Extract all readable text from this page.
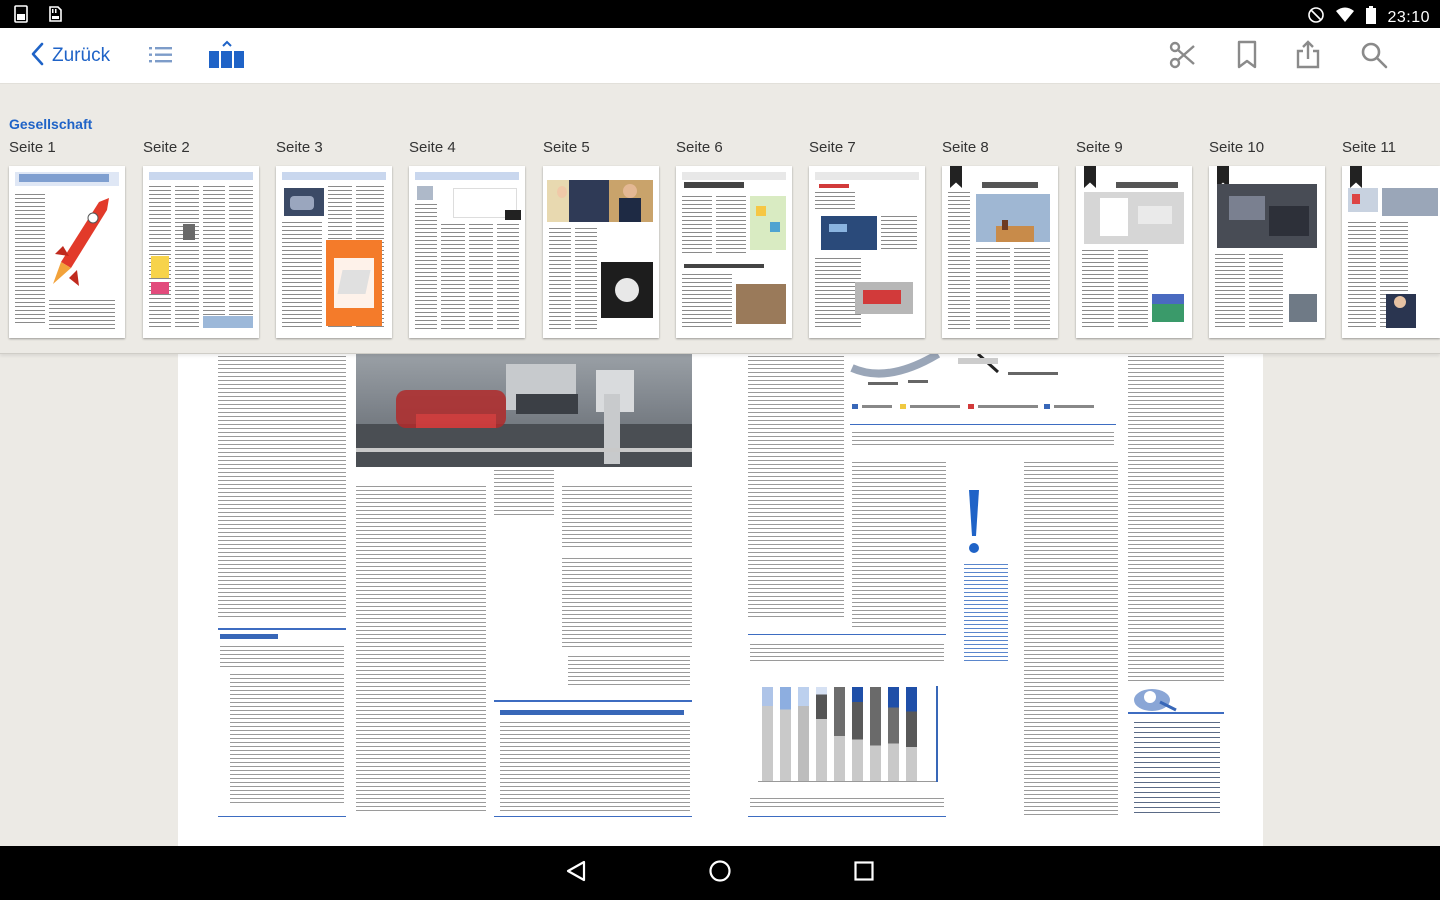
23:10
Zurück
Gesellschaft
Seite 1	Seite 2	Seite 3	Seite 4	Seite 5	Seite 6	Seite 7	Seite 8	Seite 9	Seite 10	Seite 11
